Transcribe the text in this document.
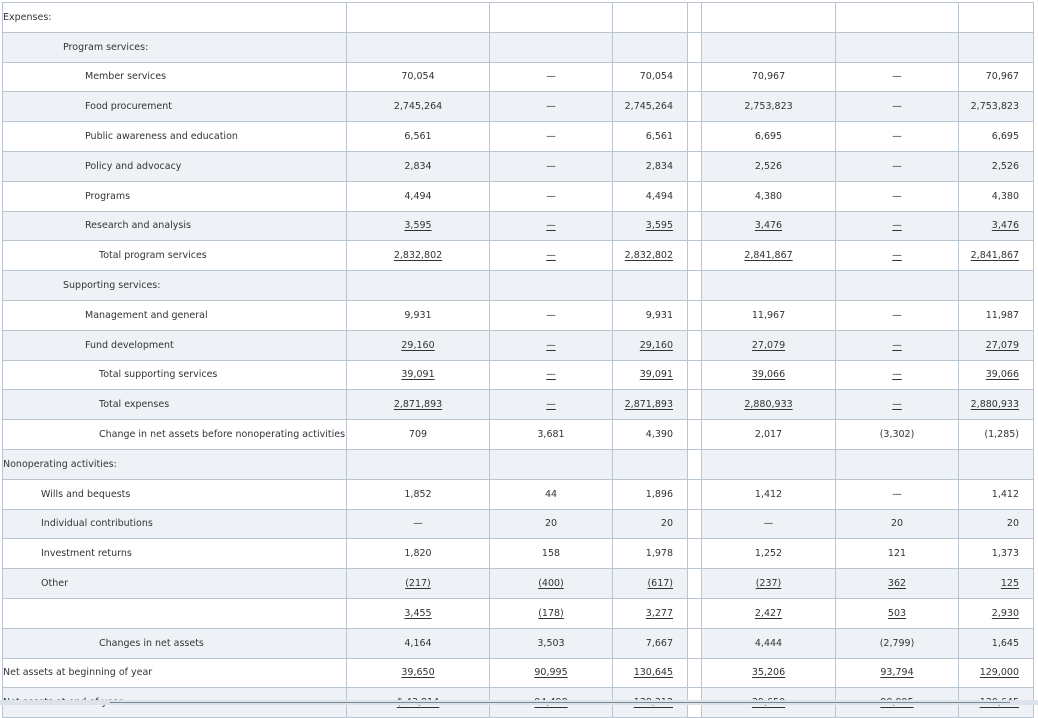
Expenses:							
Program services:							
Member services	70,054	—	70,054		70,967	—	70,967
Food procurement	2,745,264	—	2,745,264		2,753,823	—	2,753,823
Public awareness and education	6,561	—	6,561		6,695	—	6,695
Policy and advocacy	2,834	—	2,834		2,526	—	2,526
Programs	4,494	—	4,494		4,380	—	4,380
Research and analysis	3,595	—	3,595		3,476	—	3,476
Total program services	2,832,802	—	2,832,802		2,841,867	—	2,841,867
Supporting services:							
Management and general	9,931	—	9,931		11,967	—	11,987
Fund development	29,160	—	29,160		27,079	—	27,079
Total supporting services	39,091	—	39,091		39,066	—	39,066
Total expenses	2,871,893	—	2,871,893		2,880,933	—	2,880,933
Change in net assets before nonoperating activities	709	3,681	4,390		2,017	(3,302)	(1,285)
Nonoperating activities:							
Wills and bequests	1,852	44	1,896		1,412	—	1,412
Individual contributions	—	20	20		—	20	20
Investment returns	1,820	158	1,978		1,252	121	1,373
Other	(217)	(400)	(617)		(237)	362	125
	3,455	(178)	3,277		2,427	503	2,930
Changes in net assets	4,164	3,503	7,667		4,444	(2,799)	1,645
Net assets at beginning of year	39,650	90,995	130,645		35,206	93,794	129,000
